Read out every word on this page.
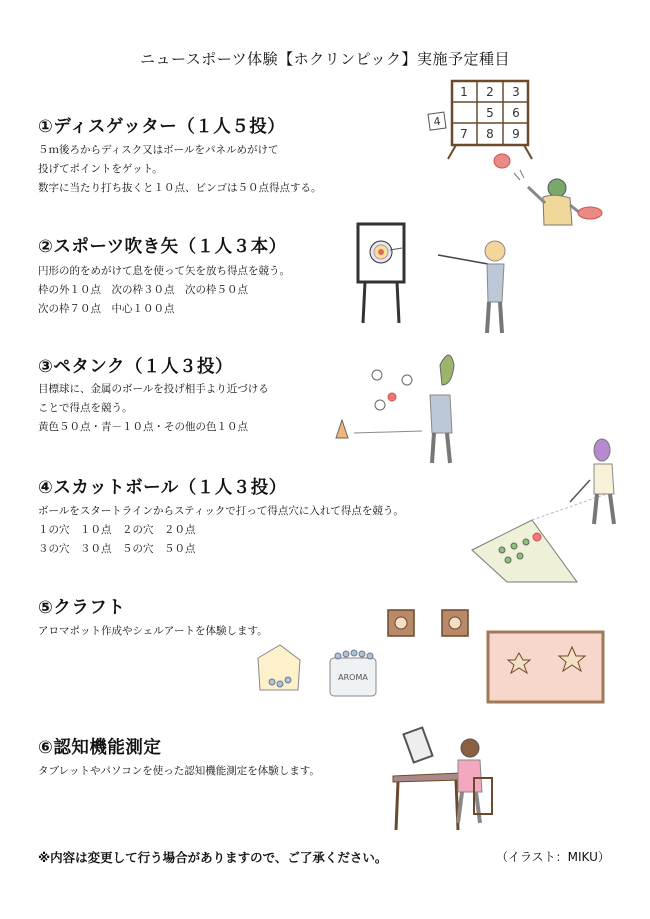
ニュースポーツ体験【ホクリンピック】実施予定種目
①ディスゲッター（１人５投）
５ｍ後ろからディスク又はボールをパネルめがけて
投げてポイントをゲット。
数字に当たり打ち抜くと１０点、ビンゴは５０点得点する。
②スポーツ吹き矢（１人３本）
円形の的をめがけて息を使って矢を放ち得点を競う。
枠の外１０点　次の枠３０点　次の枠５０点
次の枠７０点　中心１００点
③ペタンク（１人３投）
目標球に、金属のボールを投げ相手より近づける
ことで得点を競う。
黄色５０点・青－１０点・その他の色１０点
④スカットボール（１人３投）
ボールをスタートラインからスティックで打って得点穴に入れて得点を競う。
１の穴　１０点　２の穴　２０点
３の穴　３０点　５の穴　５０点
⑤クラフト
アロマポット作成やシェルアートを体験します。
⑥認知機能測定
タブレットやパソコンを使った認知機能測定を体験します。
※内容は変更して行う場合がありますので、ご了承ください。	（イラスト：MIKU）
1 2 3
5 6
7 8 9
4
AROMA
